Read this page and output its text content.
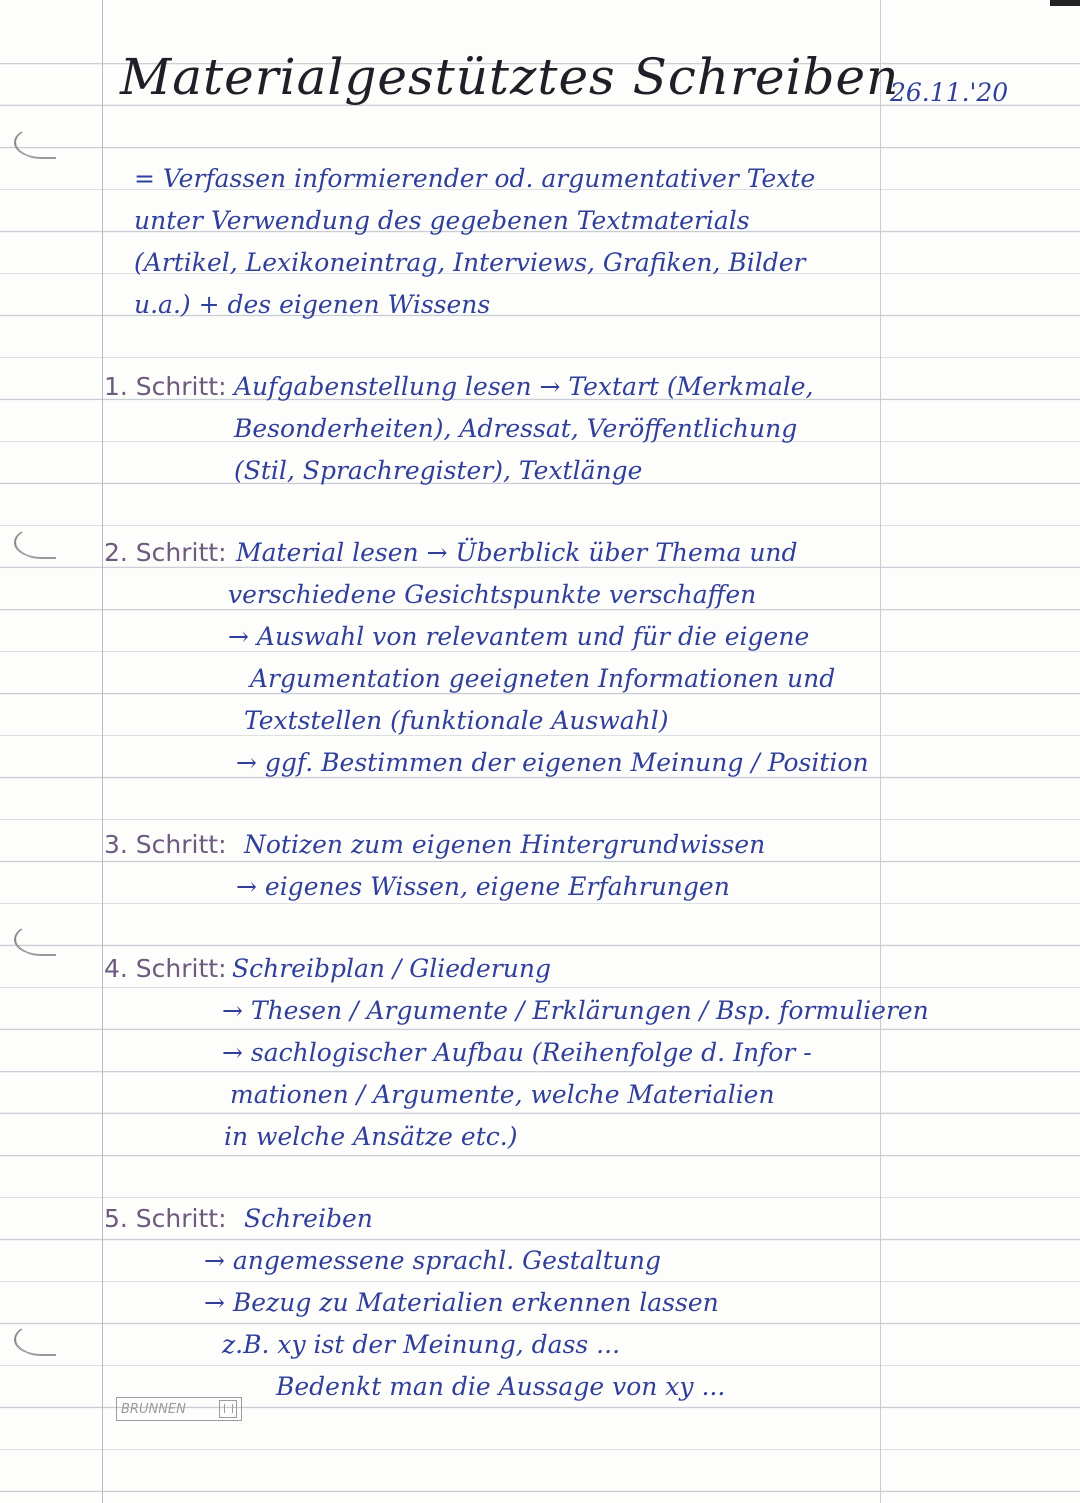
Materialgestütztes Schreiben
26.11.'20
= Verfassen informierender od. argumentativer Texte
unter Verwendung des gegebenen Textmaterials
(Artikel, Lexikoneintrag, Interviews, Grafiken, Bilder
u.a.) + des eigenen Wissens
1. Schritt: Aufgabenstellung lesen → Textart (Merkmale,
Besonderheiten), Adressat, Veröffentlichung
(Stil, Sprachregister), Textlänge
2. Schritt: Material lesen → Überblick über Thema und
verschiedene Gesichtspunkte verschaffen
→ Auswahl von relevantem und für die eigene
Argumentation geeigneten Informationen und
Textstellen (funktionale Auswahl)
→ ggf. Bestimmen der eigenen Meinung / Position
3. Schritt: Notizen zum eigenen Hintergrundwissen
→ eigenes Wissen, eigene Erfahrungen
4. Schritt: Schreibplan / Gliederung
→ Thesen / Argumente / Erklärungen / Bsp. formulieren
→ sachlogischer Aufbau (Reihenfolge d. Infor -
mationen / Argumente, welche Materialien
in welche Ansätze etc.)
5. Schritt: Schreiben
→ angemessene sprachl. Gestaltung
→ Bezug zu Materialien erkennen lassen
z.B. xy ist der Meinung, dass ...
Bedenkt man die Aussage von xy ...
BRUNNEN
